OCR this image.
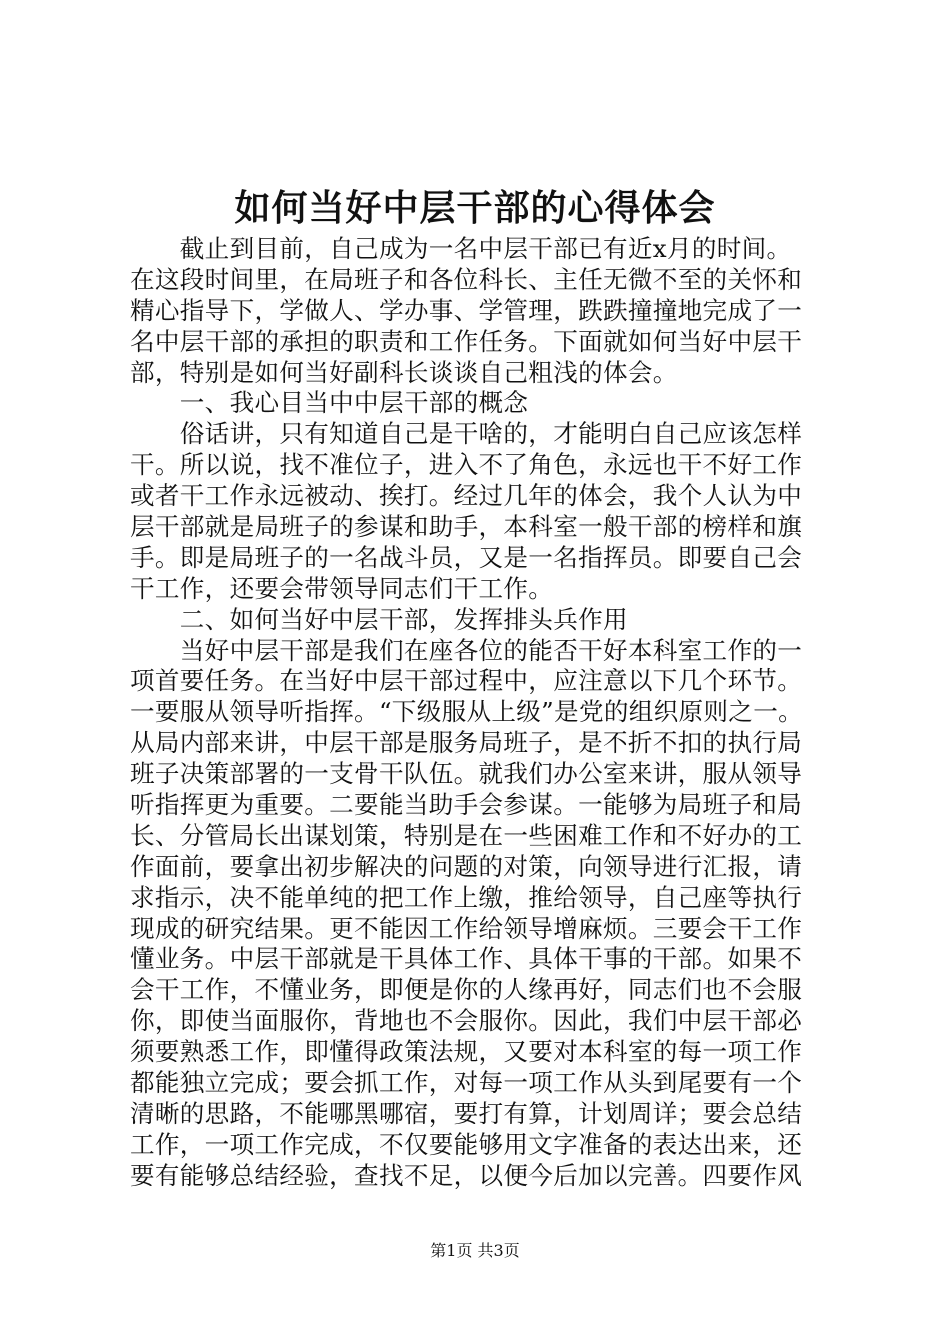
如何当好中层干部的心得体会
　　截止到目前，自己成为一名中层干部已有近x月的时间。
在这段时间里，在局班子和各位科长、主任无微不至的关怀和
精心指导下，学做人、学办事、学管理，跌跌撞撞地完成了一
名中层干部的承担的职责和工作任务。下面就如何当好中层干
部，特别是如何当好副科长谈谈自己粗浅的体会。
　　一、我心目当中中层干部的概念
　　俗话讲，只有知道自己是干啥的，才能明白自己应该怎样
干。所以说，找不准位子，进入不了角色，永远也干不好工作
或者干工作永远被动、挨打。经过几年的体会，我个人认为中
层干部就是局班子的参谋和助手，本科室一般干部的榜样和旗
手。即是局班子的一名战斗员，又是一名指挥员。即要自己会
干工作，还要会带领导同志们干工作。
　　二、如何当好中层干部，发挥排头兵作用
　　当好中层干部是我们在座各位的能否干好本科室工作的一
项首要任务。在当好中层干部过程中，应注意以下几个环节。
一要服从领导听指挥。“下级服从上级”是党的组织原则之一。
从局内部来讲，中层干部是服务局班子，是不折不扣的执行局
班子决策部署的一支骨干队伍。就我们办公室来讲，服从领导
听指挥更为重要。二要能当助手会参谋。一能够为局班子和局
长、分管局长出谋划策，特别是在一些困难工作和不好办的工
作面前，要拿出初步解决的问题的对策，向领导进行汇报，请
求指示，决不能单纯的把工作上缴，推给领导，自己座等执行
现成的研究结果。更不能因工作给领导增麻烦。三要会干工作
懂业务。中层干部就是干具体工作、具体干事的干部。如果不
会干工作，不懂业务，即便是你的人缘再好，同志们也不会服
你，即使当面服你，背地也不会服你。因此，我们中层干部必
须要熟悉工作，即懂得政策法规，又要对本科室的每一项工作
都能独立完成；要会抓工作，对每一项工作从头到尾要有一个
清晰的思路，不能哪黑哪宿，要打有算，计划周详；要会总结
工作，一项工作完成，不仅要能够用文字准备的表达出来，还
要有能够总结经验，查找不足，以便今后加以完善。四要作风
第1页 共3页
